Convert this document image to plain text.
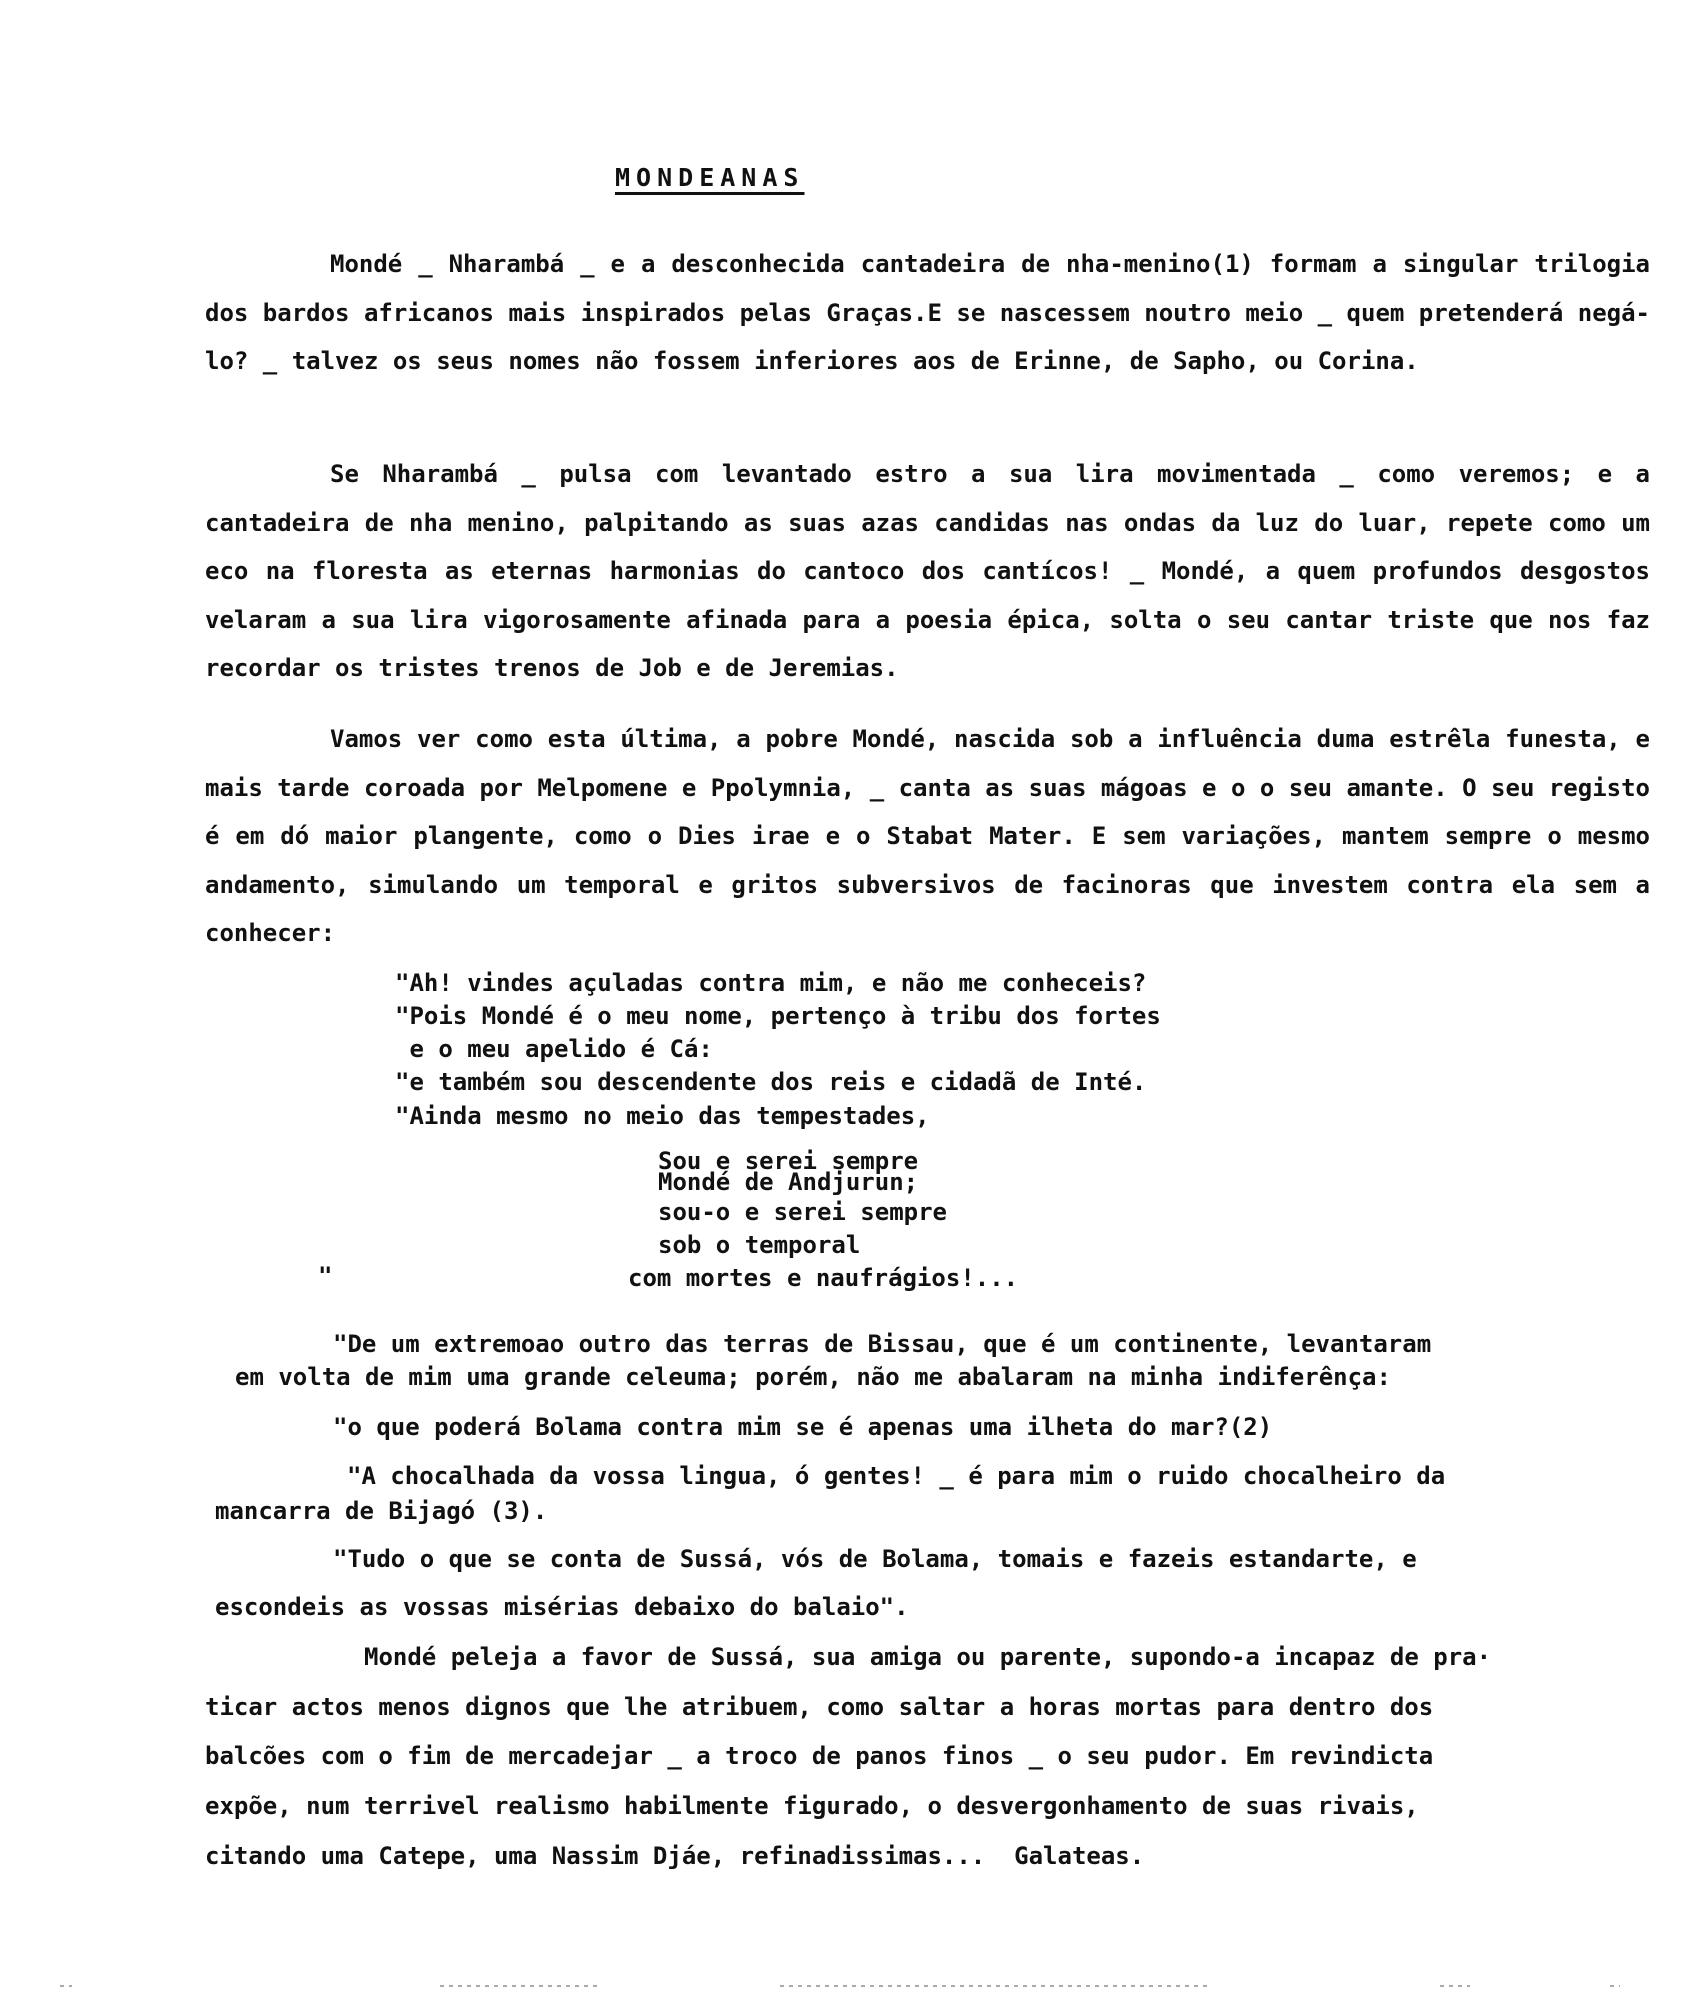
MONDEANAS

Mondé _ Nharambá _ e a desconhecida cantadeira de nha-menino(1) formam a singular trilogia dos bardos africanos mais inspirados pelas Graças.E se nascessem noutro meio _ quem pretenderá negá-lo? _ talvez os seus nomes não fossem inferiores aos de Erinne, de Sapho, ou Corina.

Se Nharambá _ pulsa com levantado estro a sua lira movimentada _ como veremos; e a cantadeira de nha menino, palpitando as suas azas candidas nas ondas da luz do luar, repete como um eco na floresta as eternas harmonias do cantoco dos cantícos! _ Mondé, a quem profundos desgostos velaram a sua lira vigorosamente afinada para a poesia épica, solta o seu cantar triste que nos faz recordar os tristes trenos de Job e de Jeremias.

Vamos ver como esta última, a pobre Mondé, nascida sob a influência duma estrêla funesta, e mais tarde coroada por Melpomene e Ppolymnia, _ canta as suas mágoas e o o seu amante. O seu registo é em dó maior plangente, como o Dies irae e o Stabat Mater. E sem variações, mantem sempre o mesmo andamento, simulando um temporal e gritos subversivos de facinoras que investem contra ela sem a conhecer:

"Ah! vindes açuladas contra mim, e não me conheceis?
"Pois Mondé é o meu nome, pertenço à tribu dos fortes
e o meu apelido é Cá:
"e também sou descendente dos reis e cidadã de Inté.
"Ainda mesmo no meio das tempestades,
Sou e serei sempre
Mondé de Andjurun;
sou-o e serei sempre
sob o temporal
com mortes e naufrágios!...
"
"De um extremoao outro das terras de Bissau, que é um continente, levantaram
em volta de mim uma grande celeuma; porém, não me abalaram na minha indiferênça:
"o que poderá Bolama contra mim se é apenas uma ilheta do mar?(2)
"A chocalhada da vossa lingua, ó gentes! _ é para mim o ruido chocalheiro da
mancarra de Bijagó (3).
"Tudo o que se conta de Sussá, vós de Bolama, tomais e fazeis estandarte, e
escondeis as vossas misérias debaixo do balaio".
Mondé peleja a favor de Sussá, sua amiga ou parente, supondo-a incapaz de pra·
ticar actos menos dignos que lhe atribuem, como saltar a horas mortas para dentro dos
balcões com o fim de mercadejar _ a troco de panos finos _ o seu pudor. Em revindicta
expõe, num terrivel realismo habilmente figurado, o desvergonhamento de suas rivais,
citando uma Catepe, uma Nassim Djáe, refinadissimas...  Galateas.
